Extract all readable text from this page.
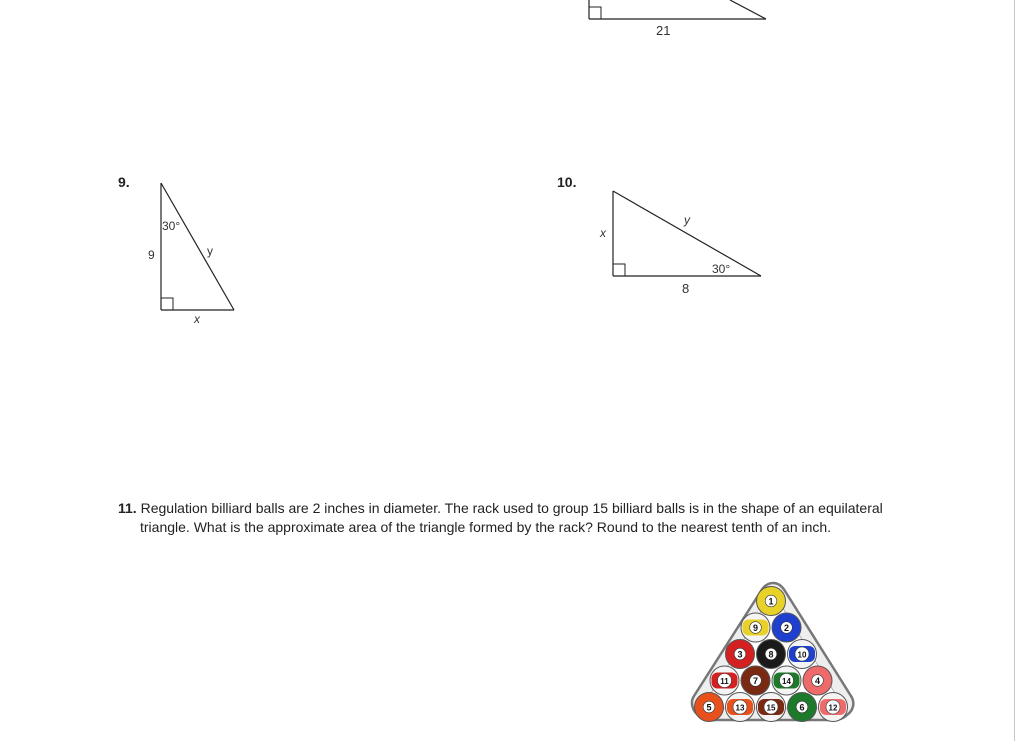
21
9.
30°
9	y
x
10.
x
y
30°
8
11. Regulation billiard balls are 2 inches in diameter. The rack used to group 15 billiard balls is in the shape of an equilateral
triangle. What is the approximate area of the triangle formed by the rack? Round to the nearest tenth of an inch.
1
9	2
3	8	10
11	7	14	4
5	13	15	6	12
